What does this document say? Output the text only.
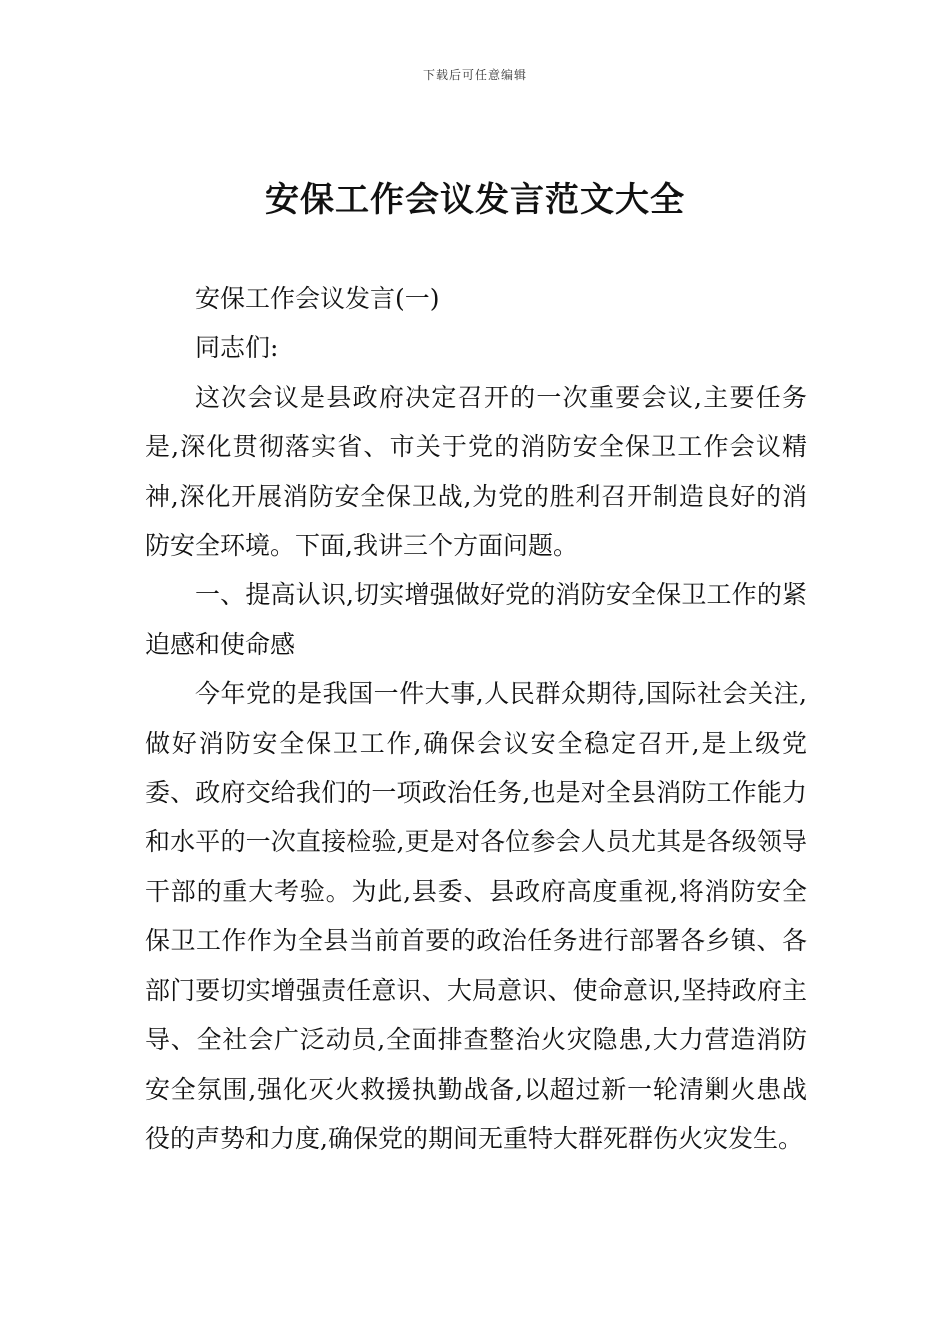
下载后可任意编辑
安保工作会议发言范文大全

安保工作会议发言(一)

同志们:

这次会议是县政府决定召开的一次重要会议,主要任务是,深化贯彻落实省、市关于党的消防安全保卫工作会议精神,深化开展消防安全保卫战,为党的胜利召开制造良好的消防安全环境。下面,我讲三个方面问题。

一、提高认识,切实增强做好党的消防安全保卫工作的紧迫感和使命感

今年党的是我国一件大事,人民群众期待,国际社会关注,做好消防安全保卫工作,确保会议安全稳定召开,是上级党委、政府交给我们的一项政治任务,也是对全县消防工作能力和水平的一次直接检验,更是对各位参会人员尤其是各级领导干部的重大考验。为此,县委、县政府高度重视,将消防安全保卫工作作为全县当前首要的政治任务进行部署各乡镇、各部门要切实增强责任意识、大局意识、使命意识,坚持政府主导、全社会广泛动员,全面排查整治火灾隐患,大力营造消防安全氛围,强化灭火救援执勤战备,以超过新一轮清剿火患战役的声势和力度,确保党的期间无重特大群死群伤火灾发生。
